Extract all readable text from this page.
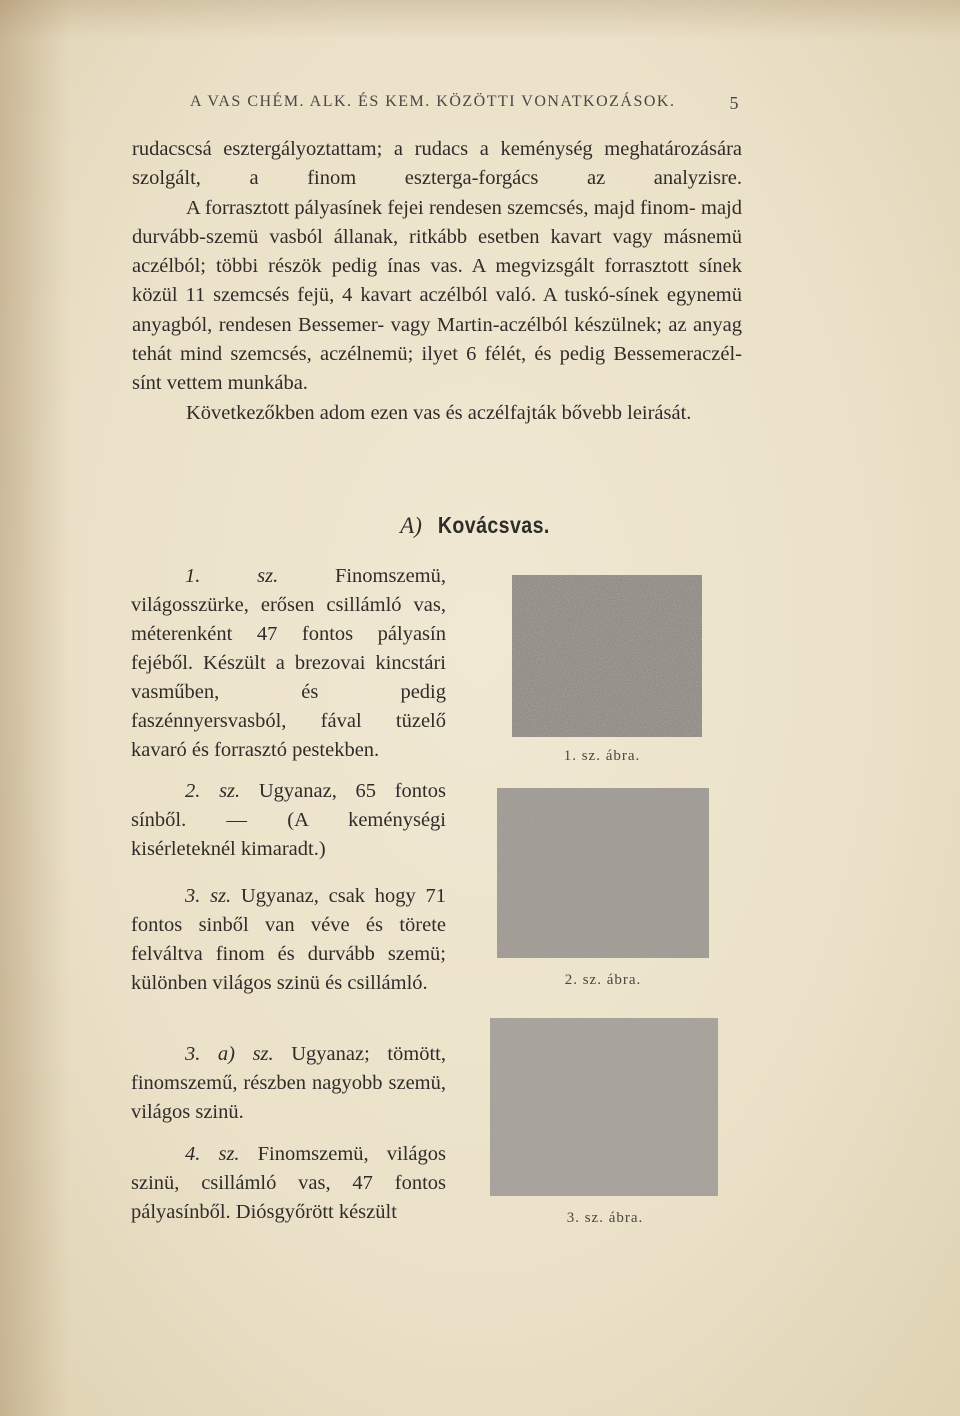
A VAS CHÉM. ALK. ÉS KEM. KÖZÖTTI VONATKOZÁSOK.	5

rudacscsá esztergályoztattam; a rudacs a keménység meghatározására szolgált, a finom eszterga-forgács az analyzisre.

A forrasztott pályasínek fejei rendesen szemcsés, majd finom- majd durvább-szemü vasból állanak, ritkább esetben kavart vagy másnemü aczélból; többi részök pedig ínas vas. A megvizsgált forrasztott sínek közül 11 szemcsés fejü, 4 kavart aczélból való. A tuskó-sínek egynemü anyagból, rendesen Bessemer- vagy Martin-aczélból készülnek; az anyag tehát mind szemcsés, aczélnemü; ilyet 6 félét, és pedig Bessemeraczél-sínt vettem munkába.

Következőkben adom ezen vas és aczélfajták bővebb leirását.

A) Kovácsvas.

1. sz.	Finomszemü, világosszürke, erősen csillámló vas, méterenként 47 fontos pályasín fejéből. Készült a brezovai kincstári vasműben, és pedig faszénnyersvasból, fával tüzelő kavaró és forrasztó pestekben.

2. sz. Ugyanaz, 65 fontos sínből. — (A keménységi kisérleteknél kimaradt.)

3. sz. Ugyanaz, csak hogy 71 fontos sinből van véve és törete felváltva finom és durvább szemü; különben világos szinü és csillámló.

3. a) sz. Ugyanaz; tömött, finomszemű, részben nagyobb szemü, világos szinü.

4. sz. Finomszemü, világos szinü, csillámló vas, 47 fontos pályasínből. Diósgyőrött készült

1. sz. ábra.
2. sz. ábra.
3. sz. ábra.
